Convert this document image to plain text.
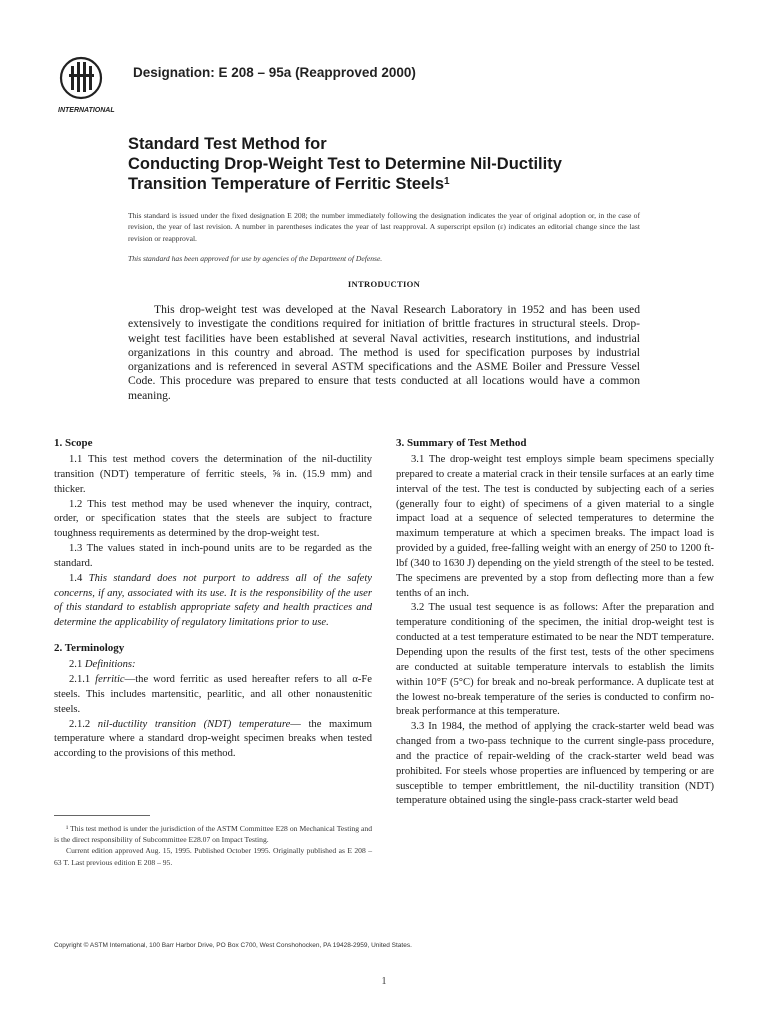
INTERNATIONAL
Designation: E 208 – 95a (Reapproved 2000)
Standard Test Method for
Conducting Drop-Weight Test to Determine Nil-Ductility
Transition Temperature of Ferritic Steels$^1$
This standard is issued under the fixed designation E 208; the number immediately following the designation indicates the year of original adoption or, in the case of revision, the year of last revision. A number in parentheses indicates the year of last reapproval. A superscript epsilon (ε) indicates an editorial change since the last revision or reapproval.
This standard has been approved for use by agencies of the Department of Defense.
INTRODUCTION
This drop-weight test was developed at the Naval Research Laboratory in 1952 and has been used extensively to investigate the conditions required for initiation of brittle fractures in structural steels. Drop-weight test facilities have been established at several Naval activities, research institutions, and industrial organizations in this country and abroad. The method is used for specification purposes by industrial organizations and is referenced in several ASTM specifications and the ASME Boiler and Pressure Vessel Code. This procedure was prepared to ensure that tests conducted at all locations would have a common meaning.
1. Scope

1.1 This test method covers the determination of the nil-ductility transition (NDT) temperature of ferritic steels, ⅝ in. (15.9 mm) and thicker.

1.2 This test method may be used whenever the inquiry, contract, order, or specification states that the steels are subject to fracture toughness requirements as determined by the drop-weight test.

1.3 The values stated in inch-pound units are to be regarded as the standard.

1.4 This standard does not purport to address all of the safety concerns, if any, associated with its use. It is the responsibility of the user of this standard to establish appropriate safety and health practices and determine the applicability of regulatory limitations prior to use.

2. Terminology

2.1 Definitions:

2.1.1 ferritic—the word ferritic as used hereafter refers to all α-Fe steels. This includes martensitic, pearlitic, and all other nonaustenitic steels.

2.1.2 nil-ductility transition (NDT) temperature— the maximum temperature where a standard drop-weight specimen breaks when tested according to the provisions of this method.

3. Summary of Test Method

3.1 The drop-weight test employs simple beam specimens specially prepared to create a material crack in their tensile surfaces at an early time interval of the test. The test is conducted by subjecting each of a series (generally four to eight) of specimens of a given material to a single impact load at a sequence of selected temperatures to determine the maximum temperature at which a specimen breaks. The impact load is provided by a guided, free-falling weight with an energy of 250 to 1200 ft-lbf (340 to 1630 J) depending on the yield strength of the steel to be tested. The specimens are prevented by a stop from deflecting more than a few tenths of an inch.

3.2 The usual test sequence is as follows: After the preparation and temperature conditioning of the specimen, the initial drop-weight test is conducted at a test temperature estimated to be near the NDT temperature. Depending upon the results of the first test, tests of the other specimens are conducted at suitable temperature intervals to establish the limits within 10°F (5°C) for break and no-break performance. A duplicate test at the lowest no-break temperature of the series is conducted to confirm no-break performance at this temperature.

3.3 In 1984, the method of applying the crack-starter weld bead was changed from a two-pass technique to the current single-pass procedure, and the practice of repair-welding of the crack-starter weld bead was prohibited. For steels whose properties are influenced by tempering or are susceptible to temper embrittlement, the nil-ductility transition (NDT) temperature obtained using the single-pass crack-starter weld bead

¹ This test method is under the jurisdiction of the ASTM Committee E28 on Mechanical Testing and is the direct responsibility of Subcommittee E28.07 on Impact Testing.

Current edition approved Aug. 15, 1995. Published October 1995. Originally published as E 208 – 63 T. Last previous edition E 208 – 95.

Copyright © ASTM International, 100 Barr Harbor Drive, PO Box C700, West Conshohocken, PA 19428-2959, United States.
1
